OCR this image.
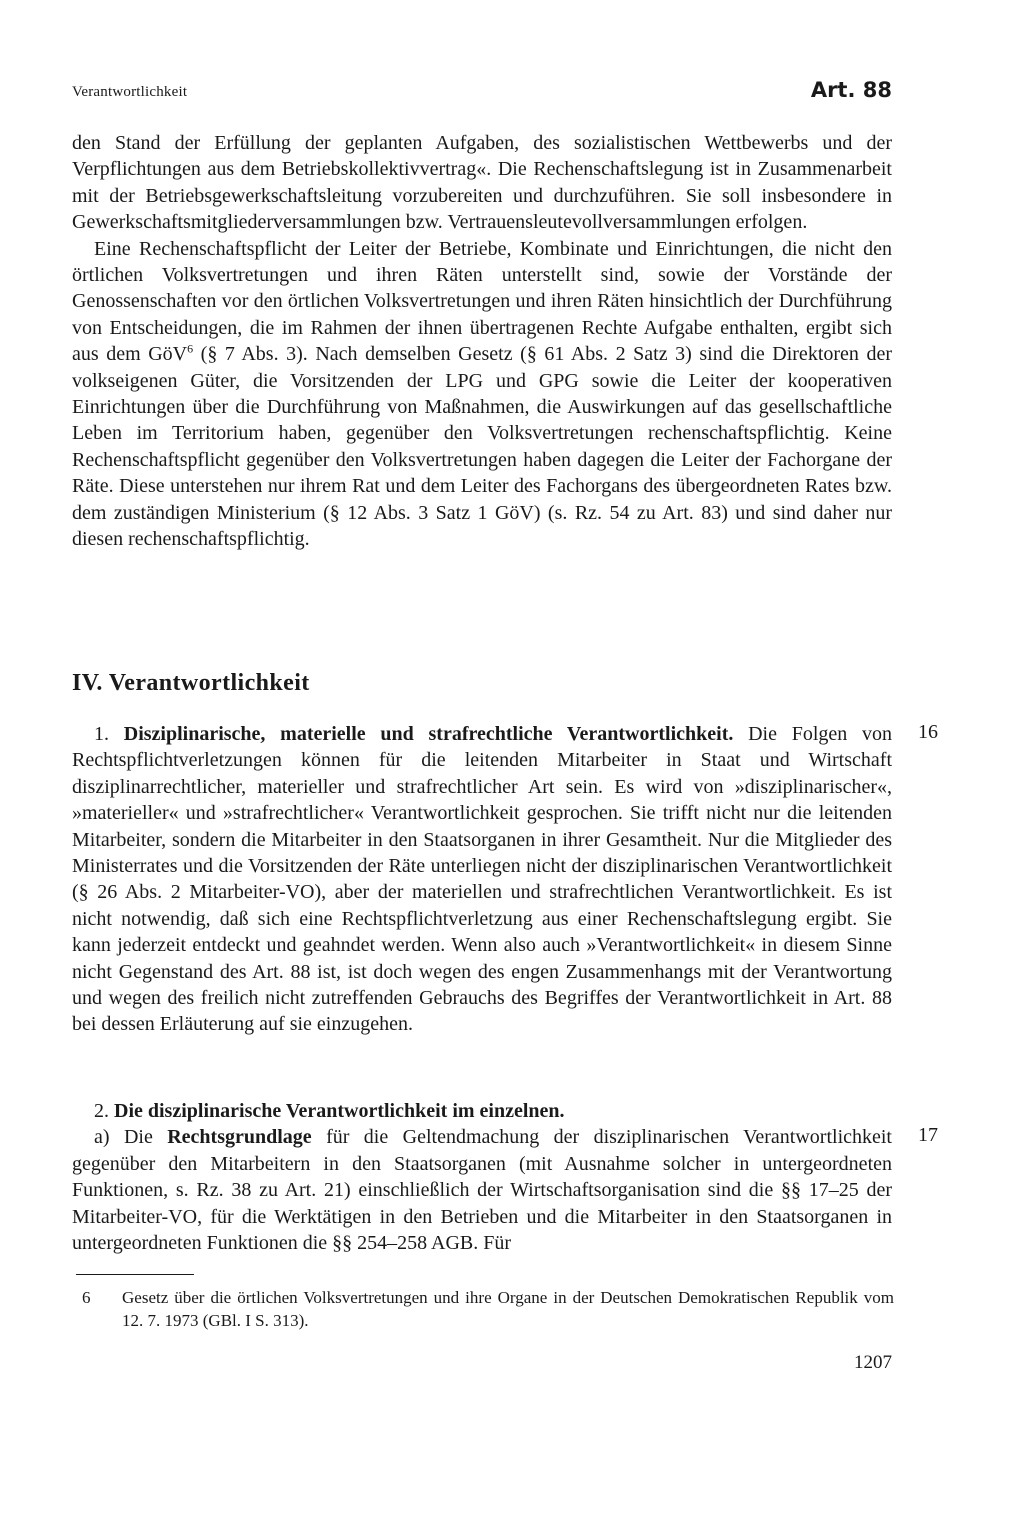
Verantwortlichkeit	Art. 88

den Stand der Erfüllung der geplanten Aufgaben, des sozialistischen Wettbewerbs und der Verpflichtungen aus dem Betriebskollektivvertrag«. Die Rechenschaftslegung ist in Zusammenarbeit mit der Betriebsgewerkschaftsleitung vorzubereiten und durchzuführen. Sie soll insbesondere in Gewerkschaftsmitgliederversammlungen bzw. Vertrauensleutevollversammlungen erfolgen.

Eine Rechenschaftspflicht der Leiter der Betriebe, Kombinate und Einrichtungen, die nicht den örtlichen Volksvertretungen und ihren Räten unterstellt sind, sowie der Vorstände der Genossenschaften vor den örtlichen Volksvertretungen und ihren Räten hinsichtlich der Durchführung von Entscheidungen, die im Rahmen der ihnen übertragenen Rechte Aufgabe enthalten, ergibt sich aus dem GöV$^6$ (§ 7 Abs. 3). Nach demselben Gesetz (§ 61 Abs. 2 Satz 3) sind die Direktoren der volkseigenen Güter, die Vorsitzenden der LPG und GPG sowie die Leiter der kooperativen Einrichtungen über die Durchführung von Maßnahmen, die Auswirkungen auf das gesellschaftliche Leben im Territorium haben, gegenüber den Volksvertretungen rechenschaftspflichtig. Keine Rechenschaftspflicht gegenüber den Volksvertretungen haben dagegen die Leiter der Fachorgane der Räte. Diese unterstehen nur ihrem Rat und dem Leiter des Fachorgans des übergeordneten Rates bzw. dem zuständigen Ministerium (§ 12 Abs. 3 Satz 1 GöV) (s. Rz. 54 zu Art. 83) und sind daher nur diesen rechenschaftspflichtig.

IV. Verantwortlichkeit
16

1. Disziplinarische, materielle und strafrechtliche Verantwortlichkeit. Die Folgen von Rechtspflichtverletzungen können für die leitenden Mitarbeiter in Staat und Wirtschaft disziplinarrechtlicher, materieller und strafrechtlicher Art sein. Es wird von »disziplinarischer«, »materieller« und »strafrechtlicher« Verantwortlichkeit gesprochen. Sie trifft nicht nur die leitenden Mitarbeiter, sondern die Mitarbeiter in den Staatsorganen in ihrer Gesamtheit. Nur die Mitglieder des Ministerrates und die Vorsitzenden der Räte unterliegen nicht der disziplinarischen Verantwortlichkeit (§ 26 Abs. 2 Mitarbeiter-VO), aber der materiellen und strafrechtlichen Verantwortlichkeit. Es ist nicht notwendig, daß sich eine Rechtspflichtverletzung aus einer Rechenschaftslegung ergibt. Sie kann jederzeit entdeckt und geahndet werden. Wenn also auch »Verantwortlichkeit« in diesem Sinne nicht Gegenstand des Art. 88 ist, ist doch wegen des engen Zusammenhangs mit der Verantwortung und wegen des freilich nicht zutreffenden Gebrauchs des Begriffes der Verantwortlichkeit in Art. 88 bei dessen Erläuterung auf sie einzugehen.

2. Die disziplinarische Verantwortlichkeit im einzelnen.

a) Die Rechtsgrundlage für die Geltendmachung der disziplinarischen Verantwortlichkeit gegenüber den Mitarbeitern in den Staatsorganen (mit Ausnahme solcher in untergeordneten Funktionen, s. Rz. 38 zu Art. 21) einschließlich der Wirtschaftsorganisation sind die §§ 17–25 der Mitarbeiter-VO, für die Werktätigen in den Betrieben und die Mitarbeiter in den Staatsorganen in untergeordneten Funktionen die §§ 254–258 AGB. Für

17
6 Gesetz über die örtlichen Volksvertretungen und ihre Organe in der Deutschen Demokratischen Republik vom 12. 7. 1973 (GBl. I S. 313).
1207
